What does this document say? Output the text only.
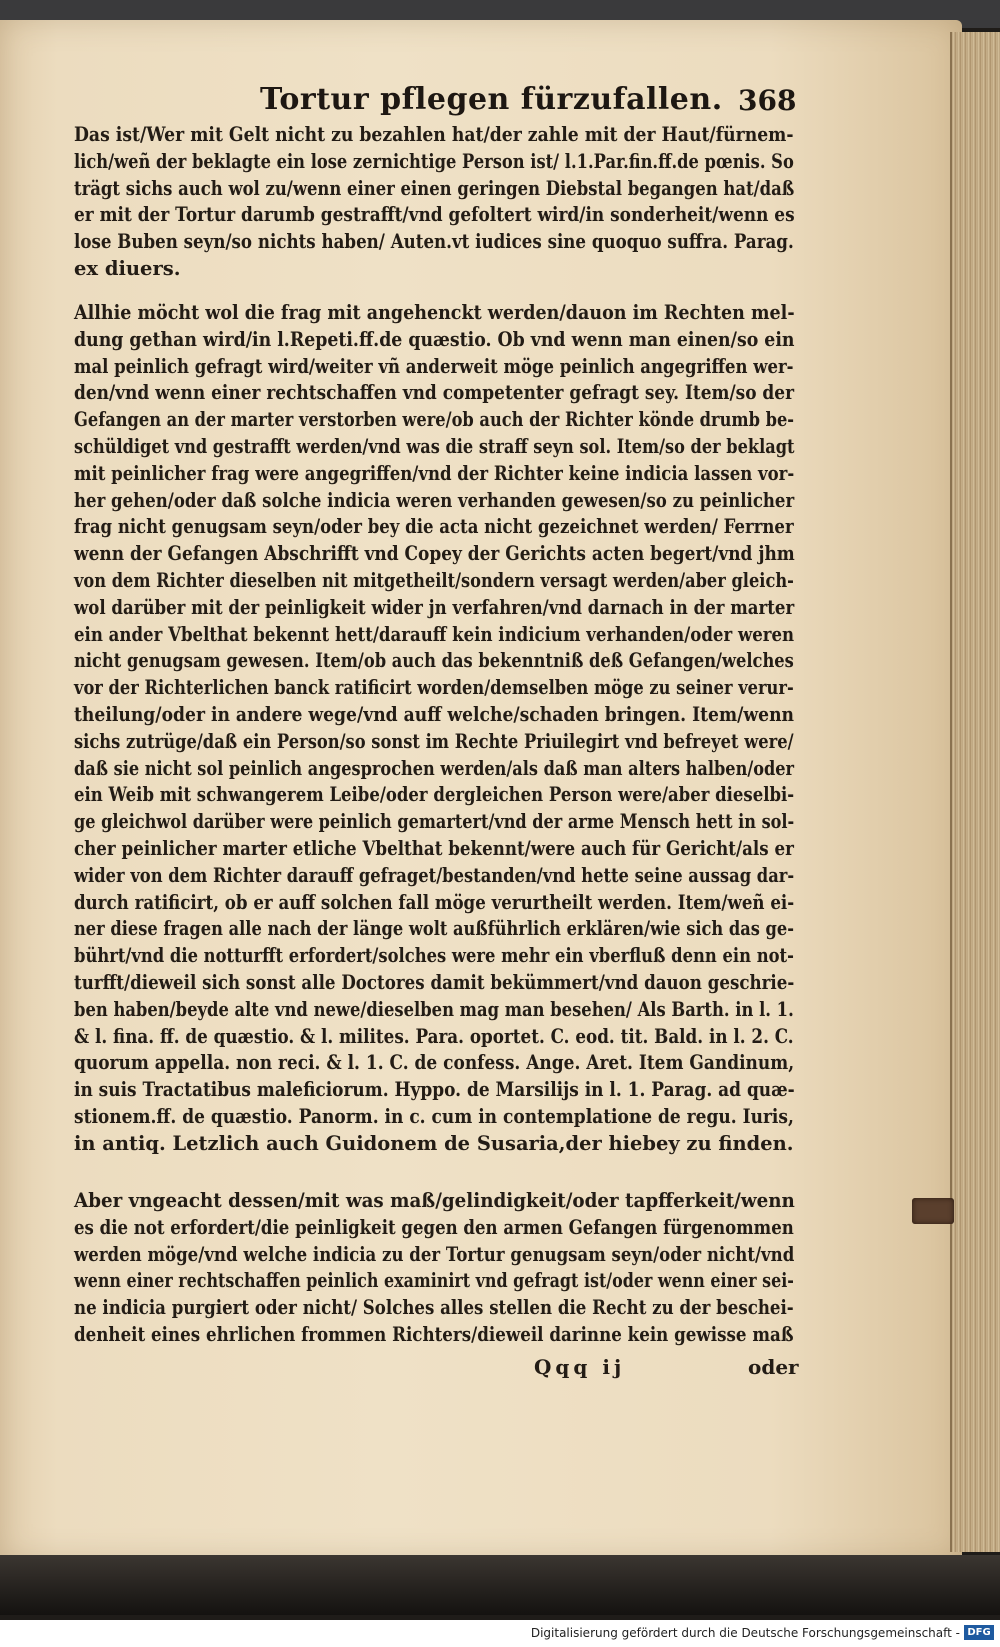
Tortur pflegen fürzufallen. 368
Das ist/Wer mit Gelt nicht zu bezahlen hat/der zahle mit der Haut/fürnem-
lich/weñ der beklagte ein lose zernichtige Person ist/ l.1.Par.fin.ff.de pœnis. So
trägt sichs auch wol zu/wenn einer einen geringen Diebstal begangen hat/daß
er mit der Tortur darumb gestrafft/vnd gefoltert wird/in sonderheit/wenn es
lose Buben seyn/so nichts haben/ Auten.vt iudices sine quoquo suffra. Parag.
ex diuers.
Allhie möcht wol die frag mit angehenckt werden/dauon im Rechten mel-
dung gethan wird/in l.Repeti.ff.de quæstio. Ob vnd wenn man einen/so ein
mal peinlich gefragt wird/weiter vñ anderweit möge peinlich angegriffen wer-
den/vnd wenn einer rechtschaffen vnd competenter gefragt sey. Item/so der
Gefangen an der marter verstorben were/ob auch der Richter könde drumb be-
schüldiget vnd gestrafft werden/vnd was die straff seyn sol. Item/so der beklagt
mit peinlicher frag were angegriffen/vnd der Richter keine indicia lassen vor-
her gehen/oder daß solche indicia weren verhanden gewesen/so zu peinlicher
frag nicht genugsam seyn/oder bey die acta nicht gezeichnet werden/ Ferrner
wenn der Gefangen Abschrifft vnd Copey der Gerichts acten begert/vnd jhm
von dem Richter dieselben nit mitgetheilt/sondern versagt werden/aber gleich-
wol darüber mit der peinligkeit wider jn verfahren/vnd darnach in der marter
ein ander Vbelthat bekennt hett/darauff kein indicium verhanden/oder weren
nicht genugsam gewesen. Item/ob auch das bekenntniß deß Gefangen/welches
vor der Richterlichen banck ratificirt worden/demselben möge zu seiner verur-
theilung/oder in andere wege/vnd auff welche/schaden bringen. Item/wenn
sichs zutrüge/daß ein Person/so sonst im Rechte Priuilegirt vnd befreyet were/
daß sie nicht sol peinlich angesprochen werden/als daß man alters halben/oder
ein Weib mit schwangerem Leibe/oder dergleichen Person were/aber dieselbi-
ge gleichwol darüber were peinlich gemartert/vnd der arme Mensch hett in sol-
cher peinlicher marter etliche Vbelthat bekennt/were auch für Gericht/als er
wider von dem Richter darauff gefraget/bestanden/vnd hette seine aussag dar-
durch ratificirt, ob er auff solchen fall möge verurtheilt werden. Item/weñ ei-
ner diese fragen alle nach der länge wolt außführlich erklären/wie sich das ge-
bührt/vnd die notturfft erfordert/solches were mehr ein vberfluß denn ein not-
turfft/dieweil sich sonst alle Doctores damit bekümmert/vnd dauon geschrie-
ben haben/beyde alte vnd newe/dieselben mag man besehen/ Als Barth. in l. 1.
& l. fina. ff. de quæstio. & l. milites. Para. oportet. C. eod. tit. Bald. in l. 2. C.
quorum appella. non reci. & l. 1. C. de confess. Ange. Aret. Item Gandinum,
in suis Tractatibus maleficiorum. Hyppo. de Marsilijs in l. 1. Parag. ad quæ-
stionem.ff. de quæstio. Panorm. in c. cum in contemplatione de regu. Iuris,
in antiq. Letzlich auch Guidonem de Susaria,der hiebey zu finden.
Aber vngeacht dessen/mit was maß/gelindigkeit/oder tapfferkeit/wenn
es die not erfordert/die peinligkeit gegen den armen Gefangen fürgenommen
werden möge/vnd welche indicia zu der Tortur genugsam seyn/oder nicht/vnd
wenn einer rechtschaffen peinlich examinirt vnd gefragt ist/oder wenn einer sei-
ne indicia purgiert oder nicht/ Solches alles stellen die Recht zu der beschei-
denheit eines ehrlichen frommen Richters/dieweil darinne kein gewisse maß
Qqq ij	oder
Digitalisierung gefördert durch die Deutsche Forschungsgemeinschaft - DFG
